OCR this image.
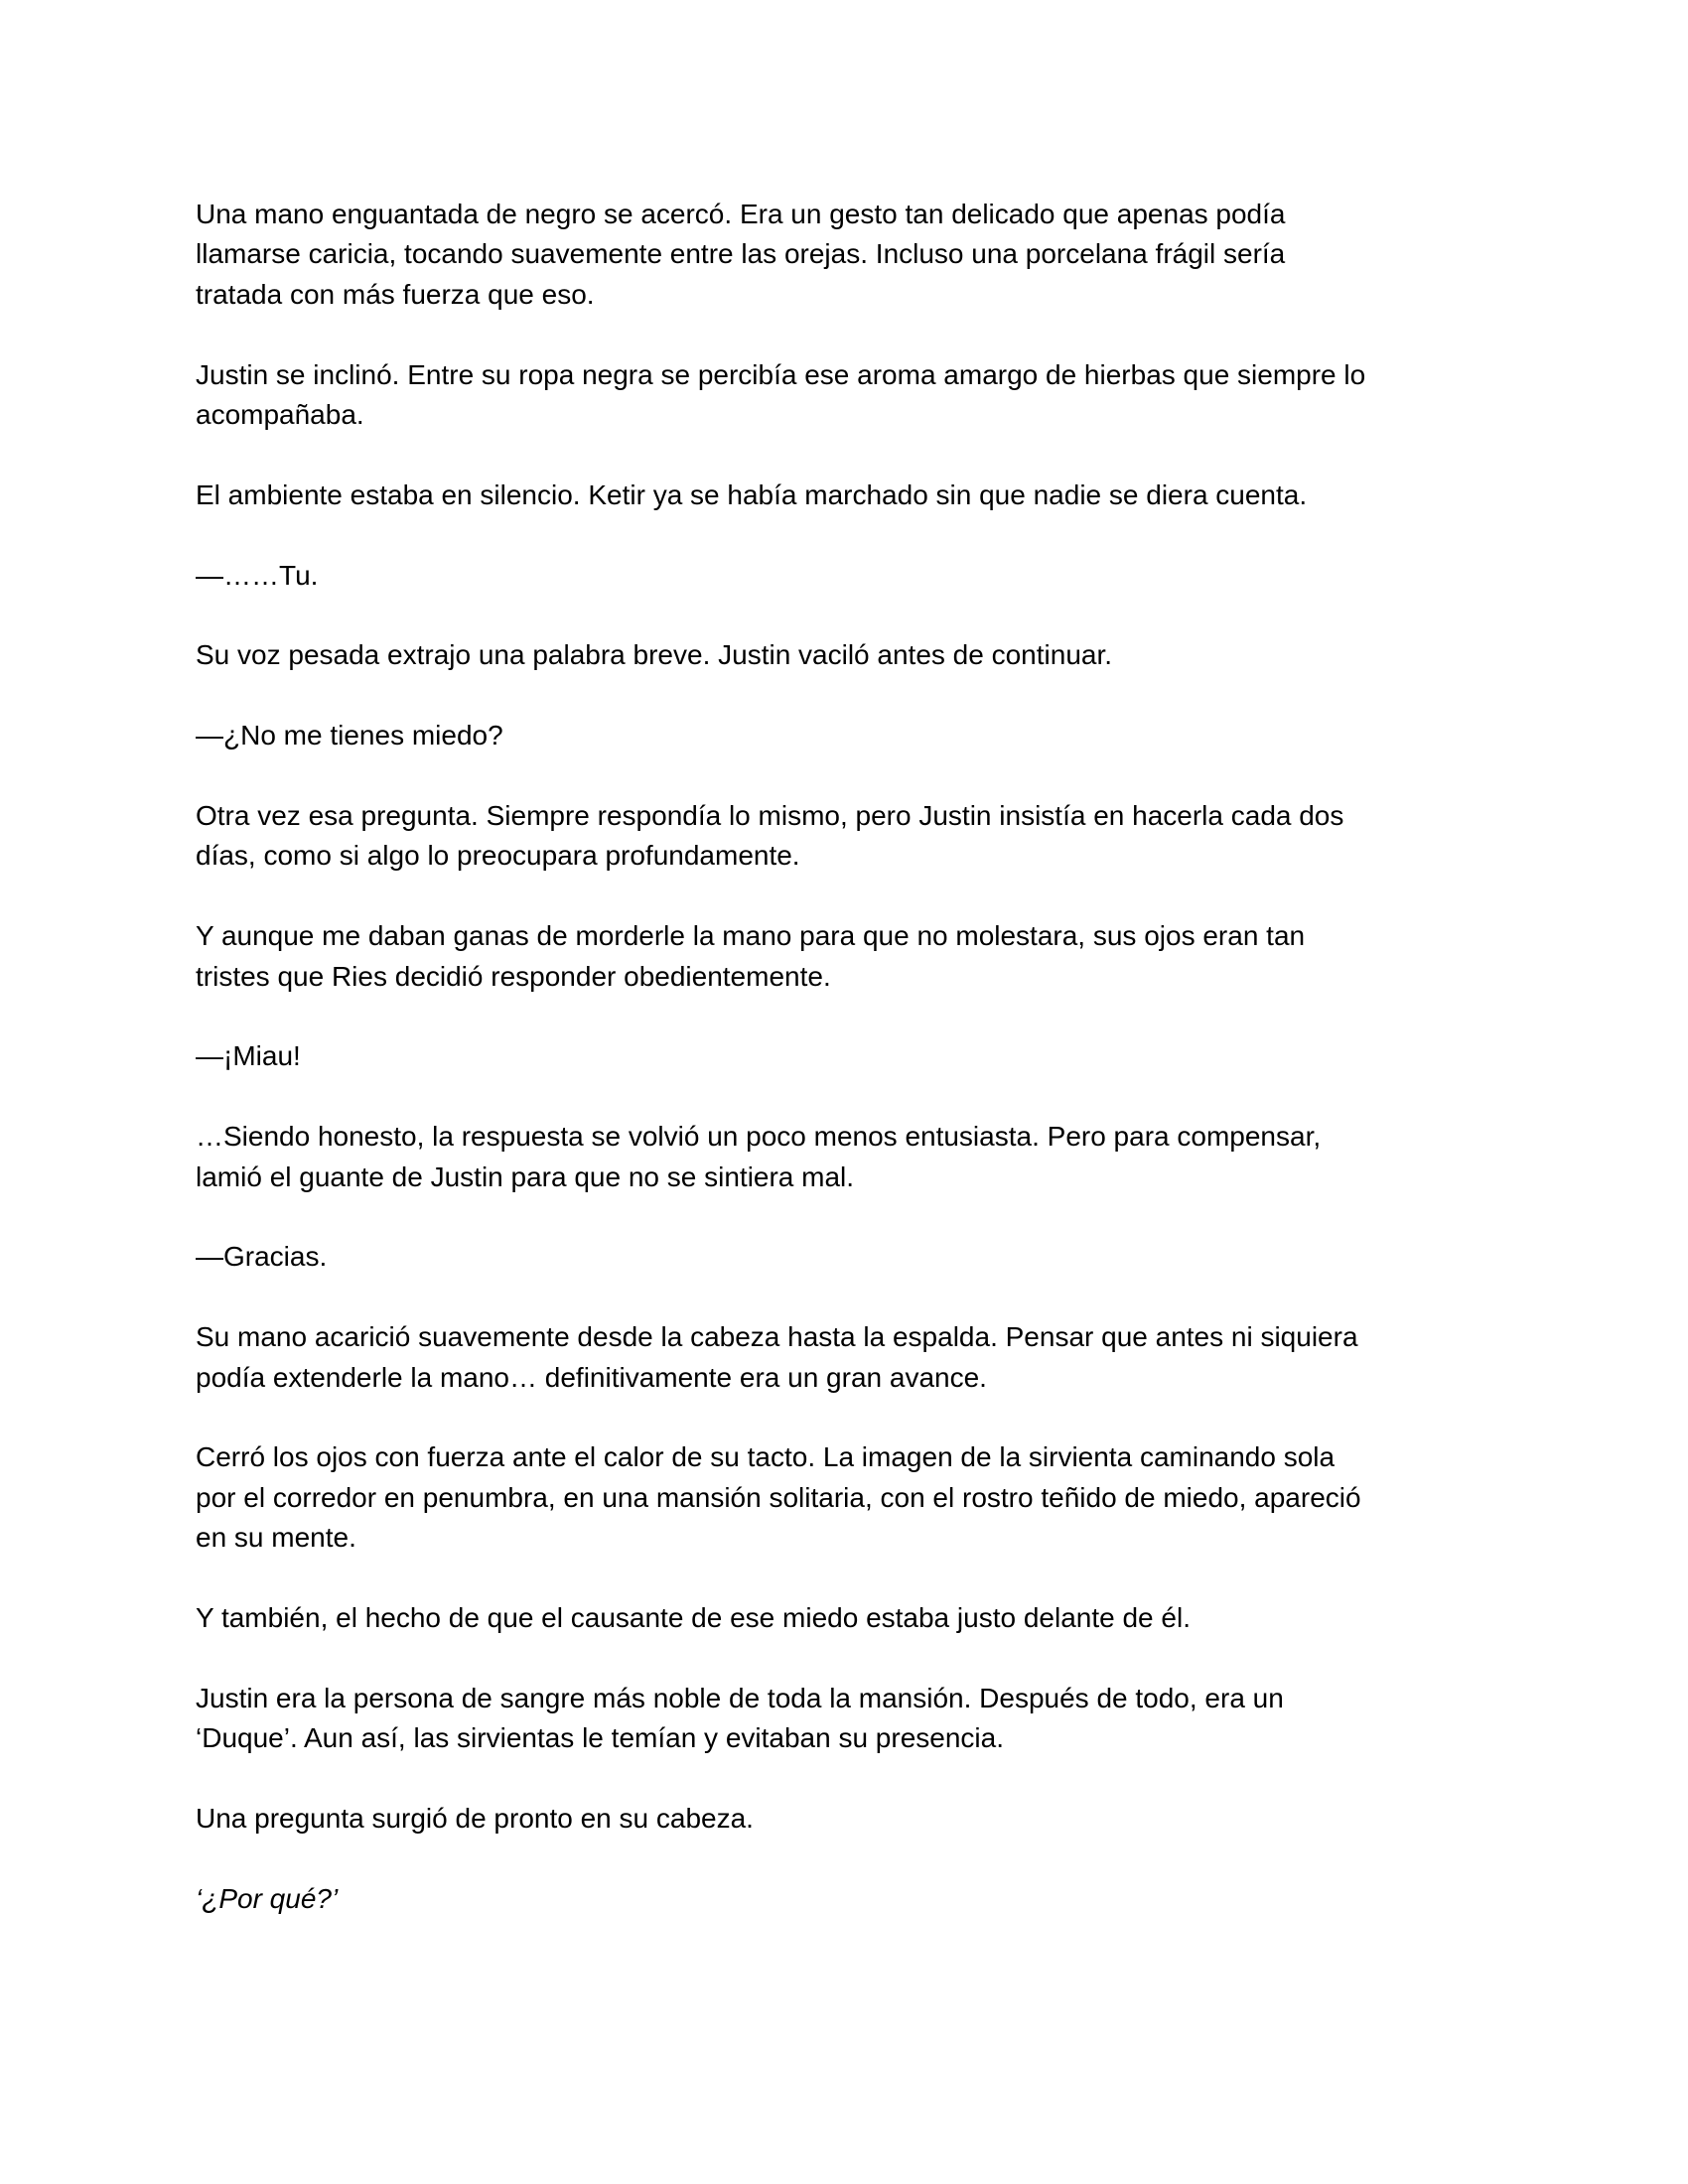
Una mano enguantada de negro se acercó. Era un gesto tan delicado que apenas podía
llamarse caricia, tocando suavemente entre las orejas. Incluso una porcelana frágil sería
tratada con más fuerza que eso.
Justin se inclinó. Entre su ropa negra se percibía ese aroma amargo de hierbas que siempre lo
acompañaba.
El ambiente estaba en silencio. Ketir ya se había marchado sin que nadie se diera cuenta.
—……Tu.
Su voz pesada extrajo una palabra breve. Justin vaciló antes de continuar.
—¿No me tienes miedo?
Otra vez esa pregunta. Siempre respondía lo mismo, pero Justin insistía en hacerla cada dos
días, como si algo lo preocupara profundamente.
Y aunque me daban ganas de morderle la mano para que no molestara, sus ojos eran tan
tristes que Ries decidió responder obedientemente.
—¡Miau!
…Siendo honesto, la respuesta se volvió un poco menos entusiasta. Pero para compensar,
lamió el guante de Justin para que no se sintiera mal.
—Gracias.
Su mano acarició suavemente desde la cabeza hasta la espalda. Pensar que antes ni siquiera
podía extenderle la mano… definitivamente era un gran avance.
Cerró los ojos con fuerza ante el calor de su tacto. La imagen de la sirvienta caminando sola
por el corredor en penumbra, en una mansión solitaria, con el rostro teñido de miedo, apareció
en su mente.
Y también, el hecho de que el causante de ese miedo estaba justo delante de él.
Justin era la persona de sangre más noble de toda la mansión. Después de todo, era un
‘Duque’. Aun así, las sirvientas le temían y evitaban su presencia.
Una pregunta surgió de pronto en su cabeza.
‘¿Por qué?’
